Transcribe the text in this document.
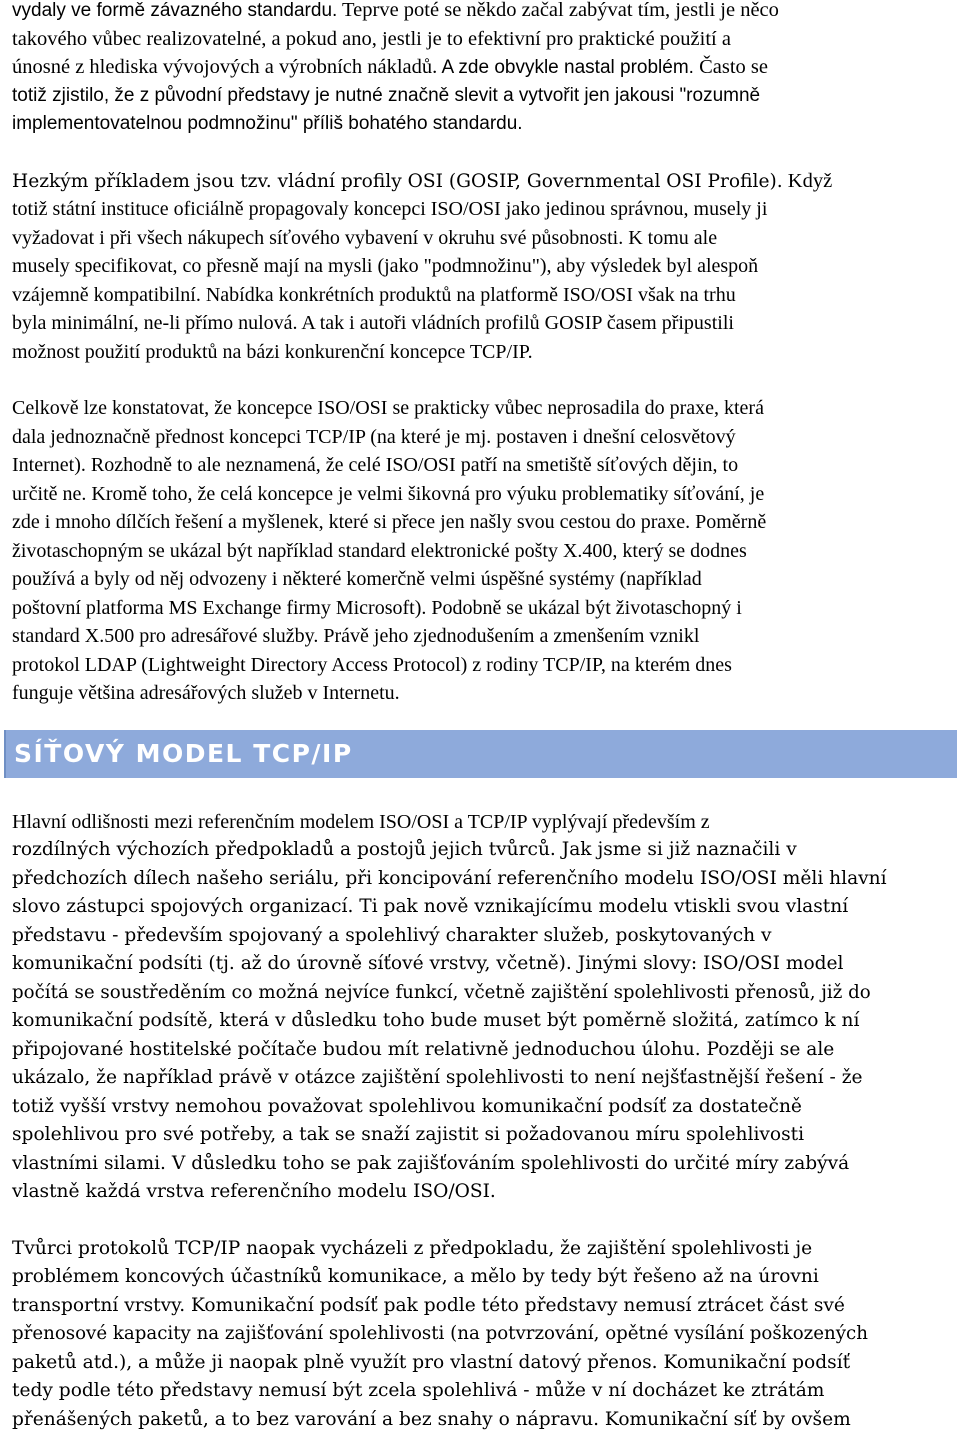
vydaly ve formě závazného standardu. Teprve poté se někdo začal zabývat tím, jestli je něco
takového vůbec realizovatelné, a pokud ano, jestli je to efektivní pro praktické použití a
únosné z hlediska vývojových a výrobních nákladů. A zde obvykle nastal problém. Často se
totiž zjistilo, že z původní představy je nutné značně slevit a vytvořit jen jakousi "rozumně
implementovatelnou podmnožinu" příliš bohatého standardu.
Hezkým příkladem jsou tzv. vládní profily OSI (GOSIP, Governmental OSI Profile). Když
totiž státní instituce oficiálně propagovaly koncepci ISO/OSI jako jedinou správnou, musely ji
vyžadovat i při všech nákupech síťového vybavení v okruhu své působnosti. K tomu ale
musely specifikovat, co přesně mají na mysli (jako "podmnožinu"), aby výsledek byl alespoň
vzájemně kompatibilní. Nabídka konkrétních produktů na platformě ISO/OSI však na trhu
byla minimální, ne-li přímo nulová. A tak i autoři vládních profilů GOSIP časem připustili
možnost použití produktů na bázi konkurenční koncepce TCP/IP.
Celkově lze konstatovat, že koncepce ISO/OSI se prakticky vůbec neprosadila do praxe, která
dala jednoznačně přednost koncepci TCP/IP (na které je mj. postaven i dnešní celosvětový
Internet). Rozhodně to ale neznamená, že celé ISO/OSI patří na smetiště síťových dějin, to
určitě ne. Kromě toho, že celá koncepce je velmi šikovná pro výuku problematiky síťování, je
zde i mnoho dílčích řešení a myšlenek, které si přece jen našly svou cestou do praxe. Poměrně
životaschopným se ukázal být například standard elektronické pošty X.400, který se dodnes
používá a byly od něj odvozeny i některé komerčně velmi úspěšné systémy (například
poštovní platforma MS Exchange firmy Microsoft). Podobně se ukázal být životaschopný i
standard X.500 pro adresářové služby. Právě jeho zjednodušením a zmenšením vznikl
protokol LDAP (Lightweight Directory Access Protocol) z rodiny TCP/IP, na kterém dnes
funguje většina adresářových služeb v Internetu.
SÍŤOVÝ MODEL TCP/IP
Hlavní odlišnosti mezi referenčním modelem ISO/OSI a TCP/IP vyplývají především z
rozdílných výchozích předpokladů a postojů jejich tvůrců. Jak jsme si již naznačili v
předchozích dílech našeho seriálu, při koncipování referenčního modelu ISO/OSI měli hlavní
slovo zástupci spojových organizací. Ti pak nově vznikajícímu modelu vtiskli svou vlastní
představu - především spojovaný a spolehlivý charakter služeb, poskytovaných v
komunikační podsíti (tj. až do úrovně síťové vrstvy, včetně). Jinými slovy: ISO/OSI model
počítá se soustředěním co možná nejvíce funkcí, včetně zajištění spolehlivosti přenosů, již do
komunikační podsítě, která v důsledku toho bude muset být poměrně složitá, zatímco k ní
připojované hostitelské počítače budou mít relativně jednoduchou úlohu. Později se ale
ukázalo, že například právě v otázce zajištění spolehlivosti to není nejšťastnější řešení - že
totiž vyšší vrstvy nemohou považovat spolehlivou komunikační podsíť za dostatečně
spolehlivou pro své potřeby, a tak se snaží zajistit si požadovanou míru spolehlivosti
vlastními silami. V důsledku toho se pak zajišťováním spolehlivosti do určité míry zabývá
vlastně každá vrstva referenčního modelu ISO/OSI.
Tvůrci protokolů TCP/IP naopak vycházeli z předpokladu, že zajištění spolehlivosti je
problémem koncových účastníků komunikace, a mělo by tedy být řešeno až na úrovni
transportní vrstvy. Komunikační podsíť pak podle této představy nemusí ztrácet část své
přenosové kapacity na zajišťování spolehlivosti (na potvrzování, opětné vysílání poškozených
paketů atd.), a může ji naopak plně využít pro vlastní datový přenos. Komunikační podsíť
tedy podle této představy nemusí být zcela spolehlivá - může v ní docházet ke ztrátám
přenášených paketů, a to bez varování a bez snahy o nápravu. Komunikační síť by ovšem
